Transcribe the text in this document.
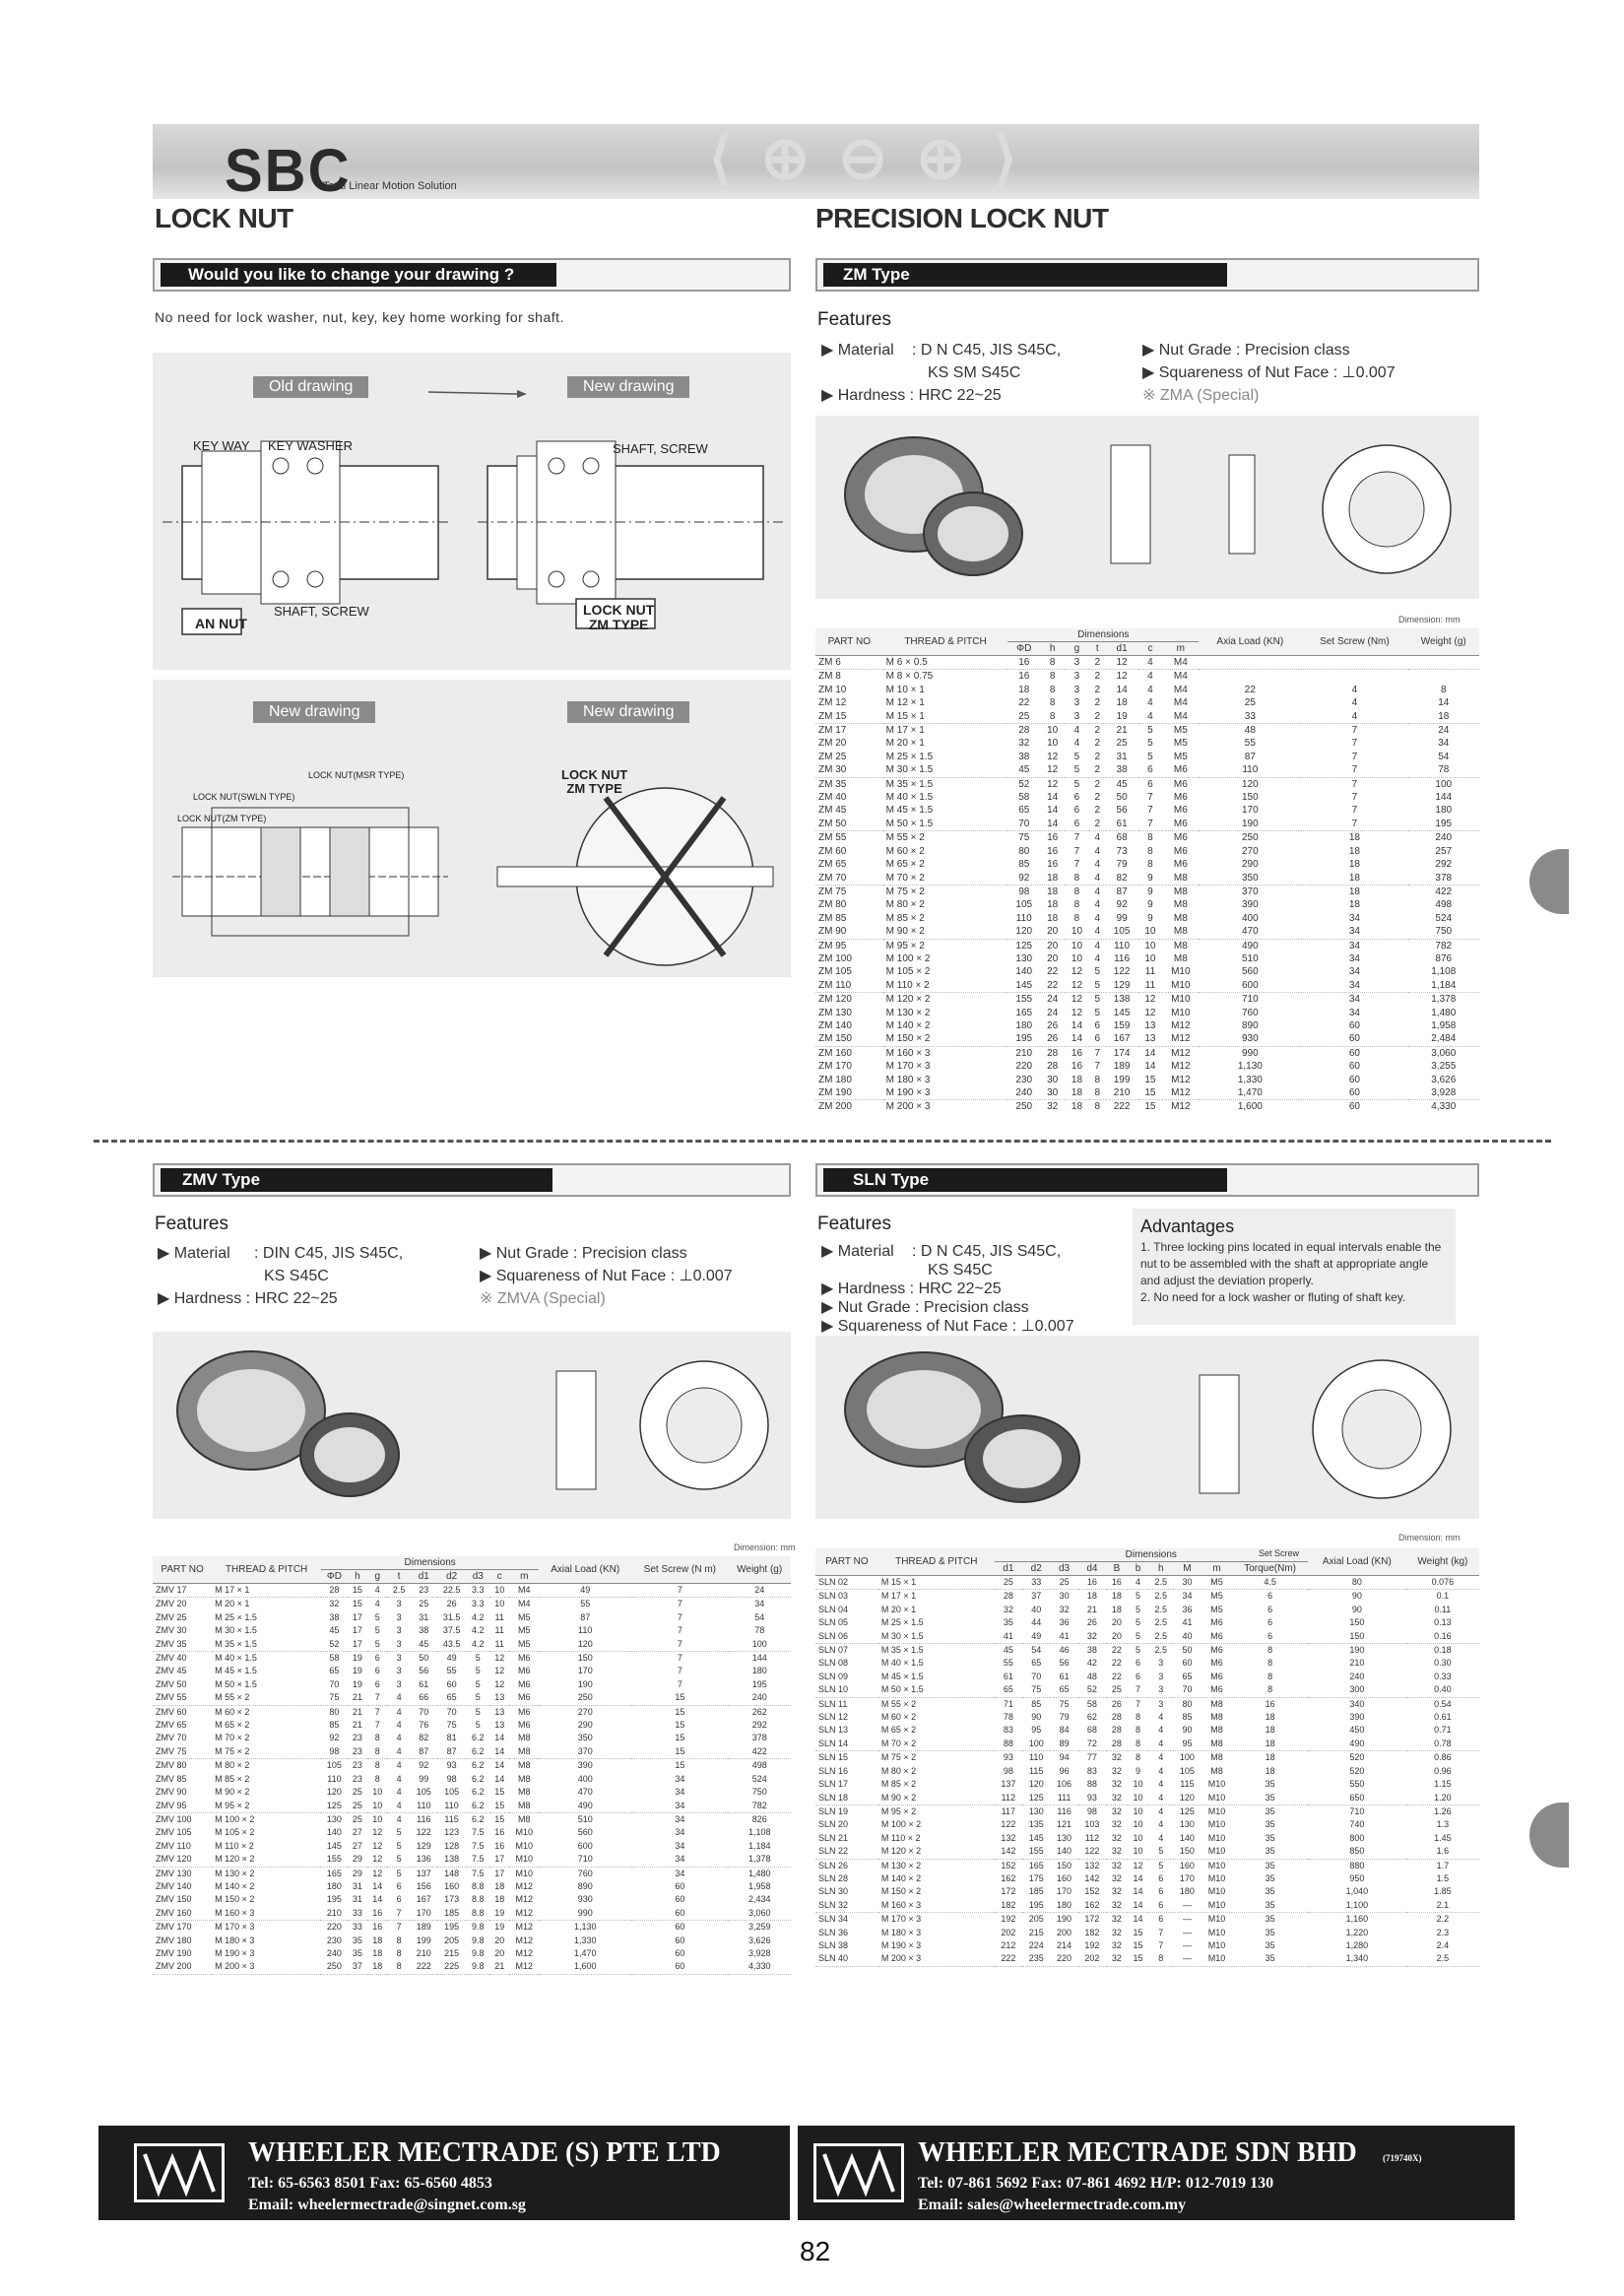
⟨ ⊕ ⊖ ⊕ ⟩
SBC
Total Linear Motion Solution
LOCK NUT	PRECISION LOCK NUT
Would you like to change your drawing ?
No need for lock washer, nut, key, key home working for shaft.
Old drawing	New drawing
KEY WAY KEY WASHER
SHAFT, SCREW
AN NUT
SHAFT, SCREW
LOCK NUT
ZM TYPE
New drawing	New drawing
LOCK NUT(MSR TYPE)
LOCK NUT(SWLN TYPE)
LOCK NUT(ZM TYPE)
LOCK NUT
ZM TYPE
ZM Type
Features
▶ Material : D N C45, JIS S45C,
KS SM S45C
▶ Hardness : HRC 22~25
▶ Nut Grade : Precision class
▶ Squareness of Nut Face : ⊥0.007
※ ZMA (Special)
Dimension: mm
PART NO	THREAD & PITCH	Dimensions							Axia Load (KN)	Set Screw (Nm)	Weight (g)
		ΦD	h	g	t	d1	c	m			
ZM 6	M 6 × 0.5	16	8	3	2	12	4	M4			
ZM 8	M 8 × 0.75	16	8	3	2	12	4	M4			
ZM 10	M 10 × 1	18	8	3	2	14	4	M4	22	4	8
ZM 12	M 12 × 1	22	8	3	2	18	4	M4	25	4	14
ZM 15	M 15 × 1	25	8	3	2	19	4	M4	33	4	18
ZM 17	M 17 × 1	28	10	4	2	21	5	M5	48	7	24
ZM 20	M 20 × 1	32	10	4	2	25	5	M5	55	7	34
ZM 25	M 25 × 1.5	38	12	5	2	31	5	M5	87	7	54
ZM 30	M 30 × 1.5	45	12	5	2	38	6	M6	110	7	78
ZM 35	M 35 × 1.5	52	12	5	2	45	6	M6	120	7	100
ZM 40	M 40 × 1.5	58	14	6	2	50	7	M6	150	7	144
ZM 45	M 45 × 1.5	65	14	6	2	56	7	M6	170	7	180
ZM 50	M 50 × 1.5	70	14	6	2	61	7	M6	190	7	195
ZM 55	M 55 × 2	75	16	7	4	68	8	M6	250	18	240
ZM 60	M 60 × 2	80	16	7	4	73	8	M6	270	18	257
ZM 65	M 65 × 2	85	16	7	4	79	8	M6	290	18	292
ZM 70	M 70 × 2	92	18	8	4	82	9	M8	350	18	378
ZM 75	M 75 × 2	98	18	8	4	87	9	M8	370	18	422
ZM 80	M 80 × 2	105	18	8	4	92	9	M8	390	18	498
ZM 85	M 85 × 2	110	18	8	4	99	9	M8	400	34	524
ZM 90	M 90 × 2	120	20	10	4	105	10	M8	470	34	750
ZM 95	M 95 × 2	125	20	10	4	110	10	M8	490	34	782
ZM 100	M 100 × 2	130	20	10	4	116	10	M8	510	34	876
ZM 105	M 105 × 2	140	22	12	5	122	11	M10	560	34	1,108
ZM 110	M 110 × 2	145	22	12	5	129	11	M10	600	34	1,184
ZM 120	M 120 × 2	155	24	12	5	138	12	M10	710	34	1,378
ZM 130	M 130 × 2	165	24	12	5	145	12	M10	760	34	1,480
ZM 140	M 140 × 2	180	26	14	6	159	13	M12	890	60	1,958
ZM 150	M 150 × 2	195	26	14	6	167	13	M12	930	60	2,484
ZM 160	M 160 × 3	210	28	16	7	174	14	M12	990	60	3,060
ZM 170	M 170 × 3	220	28	16	7	189	14	M12	1,130	60	3,255
ZM 180	M 180 × 3	230	30	18	8	199	15	M12	1,330	60	3,626
ZM 190	M 190 × 3	240	30	18	8	210	15	M12	1,470	60	3,928
ZM 200	M 200 × 3	250	32	18	8	222	15	M12	1,600	60	4,330
ZMV Type
Features
▶ Material : DIN C45, JIS S45C,
KS S45C
▶ Hardness : HRC 22~25
▶ Nut Grade : Precision class
▶ Squareness of Nut Face : ⊥0.007
※ ZMVA (Special)
Dimension: mm
PART NO	THREAD & PITCH	Dimensions									Axial Load (KN)	Set Screw (N m)	Weight (g)
		ΦD	h	g	t	d1	d2	d3	c	m			
ZMV 17	M 17 × 1	28	15	4	2.5	23	22.5	3.3	10	M4	49	7	24
ZMV 20	M 20 × 1	32	15	4	3	25	26	3.3	10	M4	55	7	34
ZMV 25	M 25 × 1.5	38	17	5	3	31	31.5	4.2	11	M5	87	7	54
ZMV 30	M 30 × 1.5	45	17	5	3	38	37.5	4.2	11	M5	110	7	78
ZMV 35	M 35 × 1.5	52	17	5	3	45	43.5	4.2	11	M5	120	7	100
ZMV 40	M 40 × 1.5	58	19	6	3	50	49	5	12	M6	150	7	144
ZMV 45	M 45 × 1.5	65	19	6	3	56	55	5	12	M6	170	7	180
ZMV 50	M 50 × 1.5	70	19	6	3	61	60	5	12	M6	190	7	195
ZMV 55	M 55 × 2	75	21	7	4	66	65	5	13	M6	250	15	240
ZMV 60	M 60 × 2	80	21	7	4	70	70	5	13	M6	270	15	262
ZMV 65	M 65 × 2	85	21	7	4	76	75	5	13	M6	290	15	292
ZMV 70	M 70 × 2	92	23	8	4	82	81	6.2	14	M8	350	15	378
ZMV 75	M 75 × 2	98	23	8	4	87	87	6.2	14	M8	370	15	422
ZMV 80	M 80 × 2	105	23	8	4	92	93	6.2	14	M8	390	15	498
ZMV 85	M 85 × 2	110	23	8	4	99	98	6.2	14	M8	400	34	524
ZMV 90	M 90 × 2	120	25	10	4	105	105	6.2	15	M8	470	34	750
ZMV 95	M 95 × 2	125	25	10	4	110	110	6.2	15	M8	490	34	782
ZMV 100	M 100 × 2	130	25	10	4	116	115	6.2	15	M8	510	34	826
ZMV 105	M 105 × 2	140	27	12	5	122	123	7.5	16	M10	560	34	1,108
ZMV 110	M 110 × 2	145	27	12	5	129	128	7.5	16	M10	600	34	1,184
ZMV 120	M 120 × 2	155	29	12	5	136	138	7.5	17	M10	710	34	1,378
ZMV 130	M 130 × 2	165	29	12	5	137	148	7.5	17	M10	760	34	1,480
ZMV 140	M 140 × 2	180	31	14	6	156	160	8.8	18	M12	890	60	1,958
ZMV 150	M 150 × 2	195	31	14	6	167	173	8.8	18	M12	930	60	2,434
ZMV 160	M 160 × 3	210	33	16	7	170	185	8.8	19	M12	990	60	3,060
ZMV 170	M 170 × 3	220	33	16	7	189	195	9.8	19	M12	1,130	60	3,259
ZMV 180	M 180 × 3	230	35	18	8	199	205	9.8	20	M12	1,330	60	3,626
ZMV 190	M 190 × 3	240	35	18	8	210	215	9.8	20	M12	1,470	60	3,928
ZMV 200	M 200 × 3	250	37	18	8	222	225	9.8	21	M12	1,600	60	4,330
SLN Type
Features
▶ Material : D N C45, JIS S45C,
KS S45C
▶ Hardness : HRC 22~25
▶ Nut Grade : Precision class
▶ Squareness of Nut Face : ⊥0.007
Advantages
1. Three locking pins located in equal intervals enable the nut to be assembled with the shaft at appropriate angle and adjust the deviation properly.
2. No need for a lock washer or fluting of shaft key.
Dimension: mm
PART NO	THREAD & PITCH	Dimensions										Axial Load (KN)	Weight (kg)
		d1	d2	d3	d4	B	b	h	M	m	Torque(Nm)		
SLN 02	M 15 × 1	25	33	25	16	16	4	2.5	30	M5	4.5	80	0.076
SLN 03	M 17 × 1	28	37	30	18	18	5	2.5	34	M5	6	90	0.1
SLN 04	M 20 × 1	32	40	32	21	18	5	2.5	36	M5	6	90	0.11
SLN 05	M 25 × 1.5	35	44	36	26	20	5	2.5	41	M6	6	150	0.13
SLN 06	M 30 × 1.5	41	49	41	32	20	5	2.5	40	M6	6	150	0.16
SLN 07	M 35 × 1.5	45	54	46	38	22	5	2.5	50	M6	8	190	0.18
SLN 08	M 40 × 1.5	55	65	56	42	22	6	3	60	M6	8	210	0.30
SLN 09	M 45 × 1.5	61	70	61	48	22	6	3	65	M6	8	240	0.33
SLN 10	M 50 × 1.5	65	75	65	52	25	7	3	70	M6	8	300	0.40
SLN 11	M 55 × 2	71	85	75	58	26	7	3	80	M8	16	340	0.54
SLN 12	M 60 × 2	78	90	79	62	28	8	4	85	M8	18	390	0.61
SLN 13	M 65 × 2	83	95	84	68	28	8	4	90	M8	18	450	0.71
SLN 14	M 70 × 2	88	100	89	72	28	8	4	95	M8	18	490	0.78
SLN 15	M 75 × 2	93	110	94	77	32	8	4	100	M8	18	520	0.86
SLN 16	M 80 × 2	98	115	96	83	32	9	4	105	M8	18	520	0.96
SLN 17	M 85 × 2	137	120	106	88	32	10	4	115	M10	35	550	1.15
SLN 18	M 90 × 2	112	125	111	93	32	10	4	120	M10	35	650	1.20
SLN 19	M 95 × 2	117	130	116	98	32	10	4	125	M10	35	710	1.26
SLN 20	M 100 × 2	122	135	121	103	32	10	4	130	M10	35	740	1.3
SLN 21	M 110 × 2	132	145	130	112	32	10	4	140	M10	35	800	1.45
SLN 22	M 120 × 2	142	155	140	122	32	10	5	150	M10	35	850	1.6
SLN 26	M 130 × 2	152	165	150	132	32	12	5	160	M10	35	880	1.7
SLN 28	M 140 × 2	162	175	160	142	32	14	6	170	M10	35	950	1.5
SLN 30	M 150 × 2	172	185	170	152	32	14	6	180	M10	35	1,040	1.85
SLN 32	M 160 × 3	182	195	180	162	32	14	6	—	M10	35	1,100	2.1
SLN 34	M 170 × 3	192	205	190	172	32	14	6	—	M10	35	1,160	2.2
SLN 36	M 180 × 3	202	215	200	182	32	15	7	—	M10	35	1,220	2.3
SLN 38	M 190 × 3	212	224	214	192	32	15	7	—	M10	35	1,280	2.4
SLN 40	M 200 × 3	222	235	220	202	32	15	8	—	M10	35	1,340	2.5
Set Screw
WHEELER MECTRADE (S) PTE LTD
Tel: 65-6563 8501 Fax: 65-6560 4853
Email: wheelermectrade@singnet.com.sg
WHEELER MECTRADE SDN BHD	(719740X)
Tel: 07-861 5692 Fax: 07-861 4692 H/P: 012-7019 130
Email: sales@wheelermectrade.com.my
82
